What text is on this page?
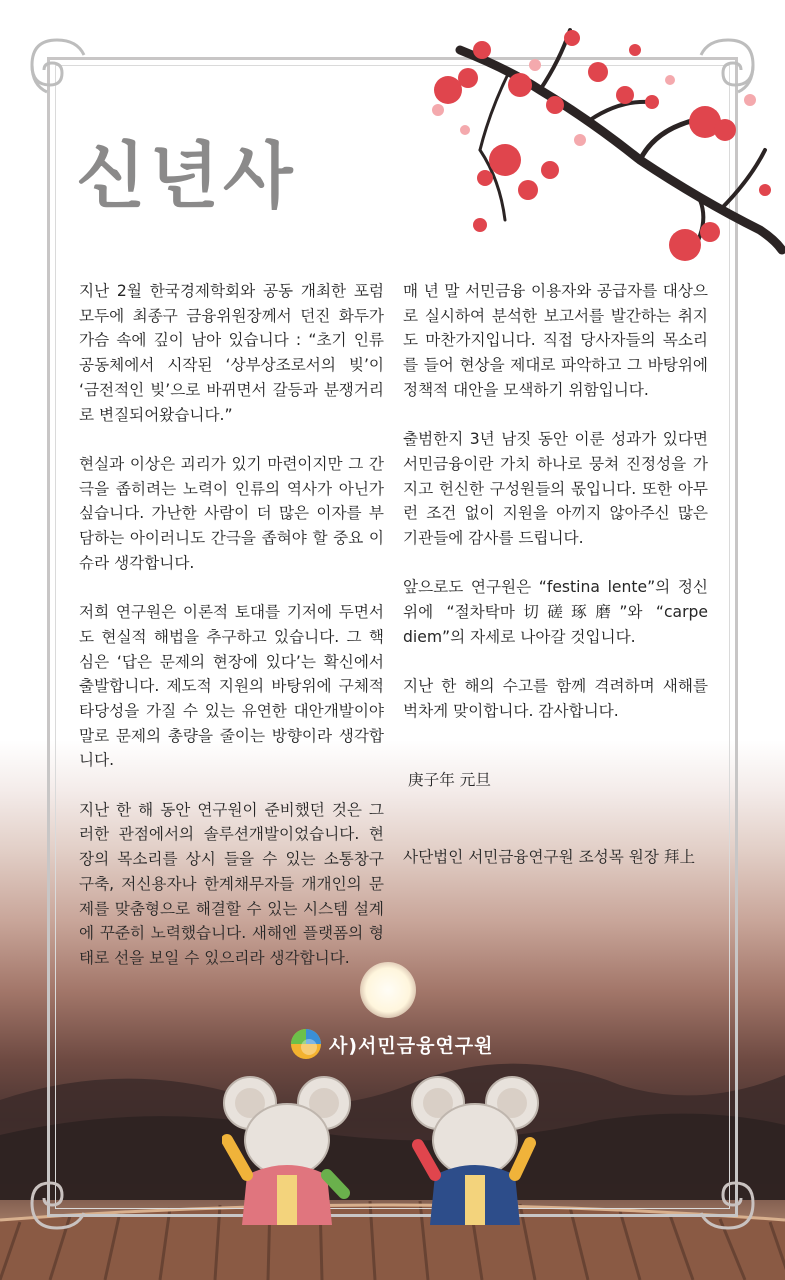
신년사

지난 2월 한국경제학회와 공동 개최한 포럼 모두에 최종구 금융위원장께서 던진 화두가 가슴 속에 깊이 남아 있습니다 : “초기 인류 공동체에서 시작된 ‘상부상조로서의 빚’이 ‘금전적인 빚’으로 바뀌면서 갈등과 분쟁거리로 변질되어왔습니다.”

현실과 이상은 괴리가 있기 마련이지만 그 간극을 좁히려는 노력이 인류의 역사가 아닌가 싶습니다. 가난한 사람이 더 많은 이자를 부담하는 아이러니도 간극을 좁혀야 할 중요 이슈라 생각합니다.

저희 연구원은 이론적 토대를 기저에 두면서도 현실적 해법을 추구하고 있습니다. 그 핵심은 ‘답은 문제의 현장에 있다’는 확신에서 출발합니다. 제도적 지원의 바탕위에 구체적 타당성을 가질 수 있는 유연한 대안개발이야 말로 문제의 총량을 줄이는 방향이라 생각합니다.

지난 한 해 동안 연구원이 준비했던 것은 그러한 관점에서의 솔루션개발이었습니다. 현장의 목소리를 상시 들을 수 있는 소통창구 구축, 저신용자나 한계채무자들 개개인의 문제를 맞춤형으로 해결할 수 있는 시스템 설계에 꾸준히 노력했습니다. 새해엔 플랫폼의 형태로 선을 보일 수 있으리라 생각합니다.

매 년 말 서민금융 이용자와 공급자를 대상으로 실시하여 분석한 보고서를 발간하는 취지도 마찬가지입니다. 직접 당사자들의 목소리를 들어 현상을 제대로 파악하고 그 바탕위에 정책적 대안을 모색하기 위함입니다.

출범한지 3년 남짓 동안 이룬 성과가 있다면 서민금융이란 가치 하나로 뭉쳐 진정성을 가지고 헌신한 구성원들의 몫입니다. 또한 아무런 조건 없이 지원을 아끼지 않아주신 많은 기관들에 감사를 드립니다.

앞으로도 연구원은 “festina lente”의 정신위에 “절차탁마切磋琢磨”와 “carpe diem”의 자세로 나아갈 것입니다.

지난 한 해의 수고를 함께 격려하며 새해를 벅차게 맞이합니다. 감사합니다.

庚子年 元旦
사단법인 서민금융연구원 조성목 원장 拜上
사)서민금융연구원
